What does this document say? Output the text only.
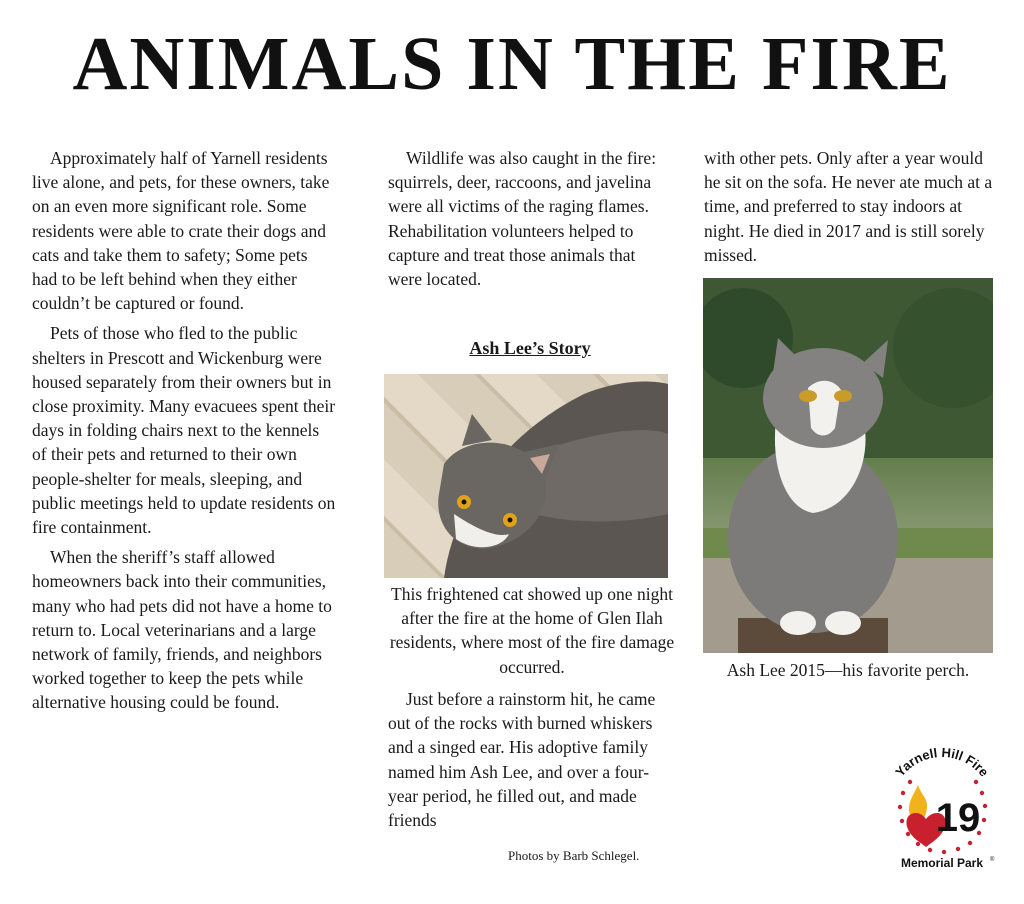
ANIMALS IN THE FIRE

Approximately half of Yarnell residents live alone, and pets, for these owners, take on an even more significant role. Some residents were able to crate their dogs and cats and take them to safety; Some pets had to be left behind when they either couldn’t be captured or found.

Pets of those who fled to the public shelters in Prescott and Wickenburg were housed separately from their owners but in close proximity. Many evacuees spent their days in folding chairs next to the kennels of their pets and returned to their own people-shelter for meals, sleeping, and public meetings held to update residents on fire containment.

When the sheriff’s staff allowed homeowners back into their communities, many who had pets did not have a home to return to. Local veterinarians and a large network of family, friends, and neighbors worked together to keep the pets while alternative housing could be found.

Wildlife was also caught in the fire: squirrels, deer, raccoons, and javelina were all victims of the raging flames. Rehabilitation volunteers helped to capture and treat those animals that were located.

Ash Lee’s Story
This frightened cat showed up one night after the fire at the home of Glen Ilah residents, where most of the fire damage occurred.

Just before a rainstorm hit, he came out of the rocks with burned whiskers and a singed ear. His adoptive family named him Ash Lee, and over a four-year period, he filled out, and made friends

Photos by Barb Schlegel.

with other pets. Only after a year would he sit on the sofa. He never ate much at a time, and preferred to stay indoors at night. He died in 2017 and is still sorely missed.

Ash Lee 2015—his favorite perch.
Yarnell Hill Fire
19
Memorial Park ®
